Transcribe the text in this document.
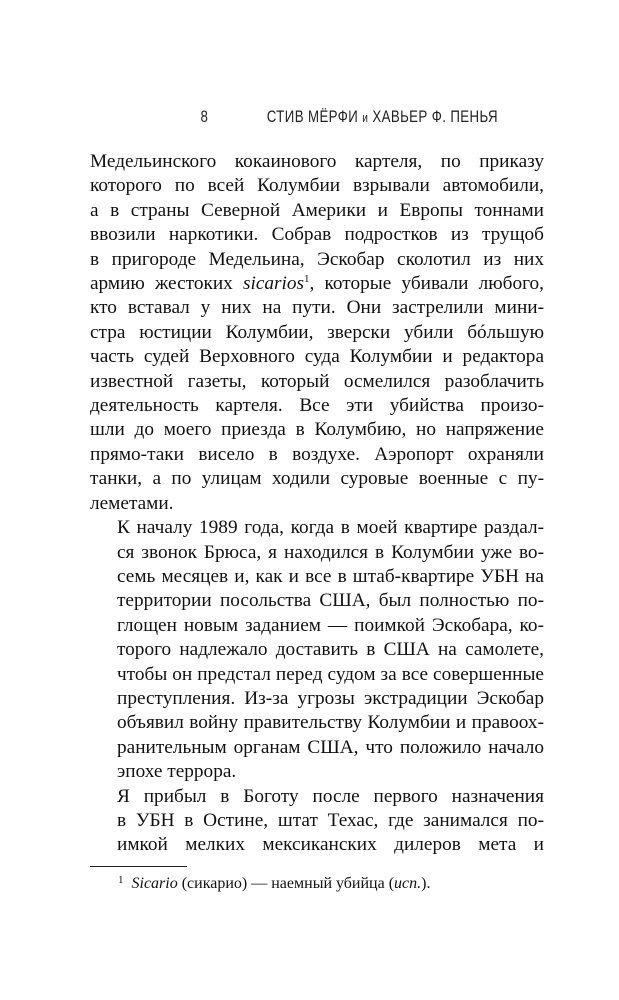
8	СТИВ МЁРФИ и ХАВЬЕР Ф. ПЕНЬЯ

Медельинского кокаинового картеля, по приказу
которого по всей Колумбии взрывали автомобили,
а в страны Северной Америки и Европы тоннами
ввозили наркотики. Собрав подростков из трущоб
в пригороде Медельина, Эскобар сколотил из них
армию жестоких sicarios$^1$, которые убивали любого,
кто вставал у них на пути. Они застрелили мини-
стра юстиции Колумбии, зверски убили бóльшую
часть судей Верховного суда Колумбии и редактора
известной газеты, который осмелился разоблачить
деятельность картеля. Все эти убийства произо-
шли до моего приезда в Колумбию, но напряжение
прямо-таки висело в воздухе. Аэропорт охраняли
танки, а по улицам ходили суровые военные с пу-
леметами.

К началу 1989 года, когда в моей квартире раздал-
ся звонок Брюса, я находился в Колумбии уже во-
семь месяцев и, как и все в штаб-квартире УБН на
территории посольства США, был полностью по-
глощен новым заданием — поимкой Эскобара, ко-
торого надлежало доставить в США на самолете,
чтобы он предстал перед судом за все совершенные
преступления. Из-за угрозы экстрадиции Эскобар
объявил войну правительству Колумбии и правоох-
ранительным органам США, что положило начало
эпохе террора.

Я прибыл в Боготу после первого назначения
в УБН в Остине, штат Техас, где занимался по-
имкой мелких мексиканских дилеров мета и

$^1$ Sicario (сикарио) — наемный убийца (исп.).
